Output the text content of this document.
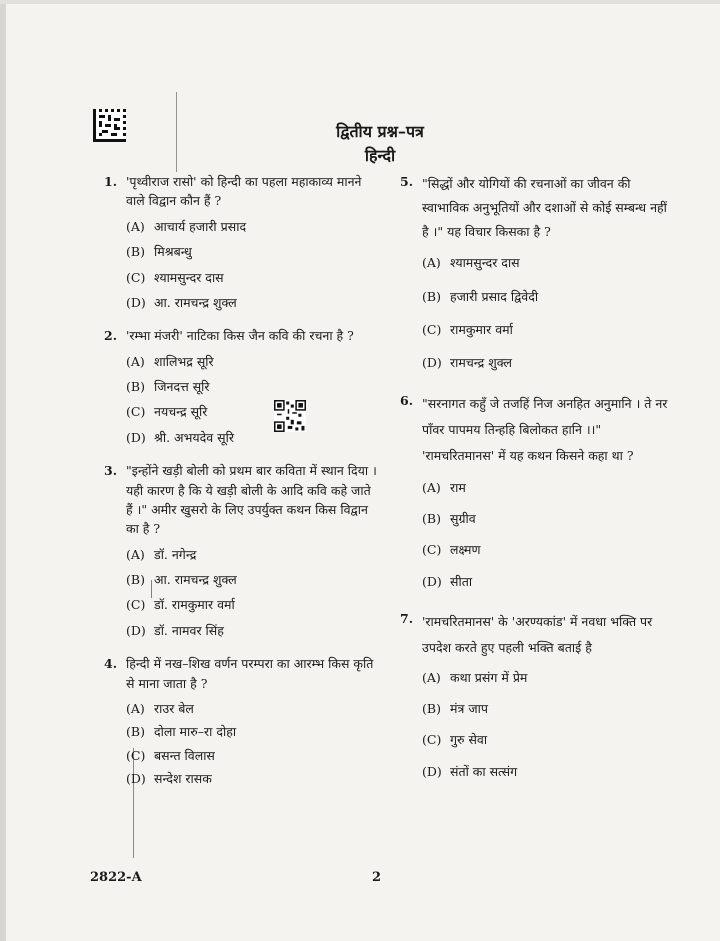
द्वितीय प्रश्न–पत्र
हिन्दी
1. 'पृथ्वीराज रासो' को हिन्दी का पहला महाकाव्य मानने वाले विद्वान कौन हैं ?

(A) आचार्य हजारी प्रसाद
(B) मिश्रबन्धु
(C) श्यामसुन्दर दास
(D) आ. रामचन्द्र शुक्ल
2. 'रम्भा मंजरी' नाटिका किस जैन कवि की रचना है ?

(A) शालिभद्र सूरि
(B) जिनदत्त सूरि
(C) नयचन्द्र सूरि
(D) श्री. अभयदेव सूरि
3. "इन्होंने खड़ी बोली को प्रथम बार कविता में स्थान दिया । यही कारण है कि ये खड़ी बोली के आदि कवि कहे जाते हैं ।" अमीर खुसरो के लिए उपर्युक्त कथन किस विद्वान का है ?

(A) डॉ. नगेन्द्र
(B) आ. रामचन्द्र शुक्ल
(C) डॉ. रामकुमार वर्मा
(D) डॉ. नामवर सिंह
4. हिन्दी में नख–शिख वर्णन परम्परा का आरम्भ किस कृति से माना जाता है ?

(A) राउर बेल
(B) दोला मारु–रा दोहा
(C) बसन्त विलास
(D) सन्देश रासक
5. "सिद्धों और योगियों की रचनाओं का जीवन की स्वाभाविक अनुभूतियों और दशाओं से कोई सम्बन्ध नहीं है ।" यह विचार किसका है ?

(A) श्यामसुन्दर दास
(B) हजारी प्रसाद द्विवेदी
(C) रामकुमार वर्मा
(D) रामचन्द्र शुक्ल
6. "सरनागत कहुँ जे तजहिं निज अनहित अनुमानि । ते नर पाँवर पापमय तिन्हहि बिलोकत हानि ।।" 'रामचरितमानस' में यह कथन किसने कहा था ?

(A) राम
(B) सुग्रीव
(C) लक्ष्मण
(D) सीता
7. 'रामचरितमानस' के 'अरण्यकांड' में नवधा भक्ति पर उपदेश करते हुए पहली भक्ति बताई है

(A) कथा प्रसंग में प्रेम
(B) मंत्र जाप
(C) गुरु सेवा
(D) संतों का सत्संग
2822-A	2
